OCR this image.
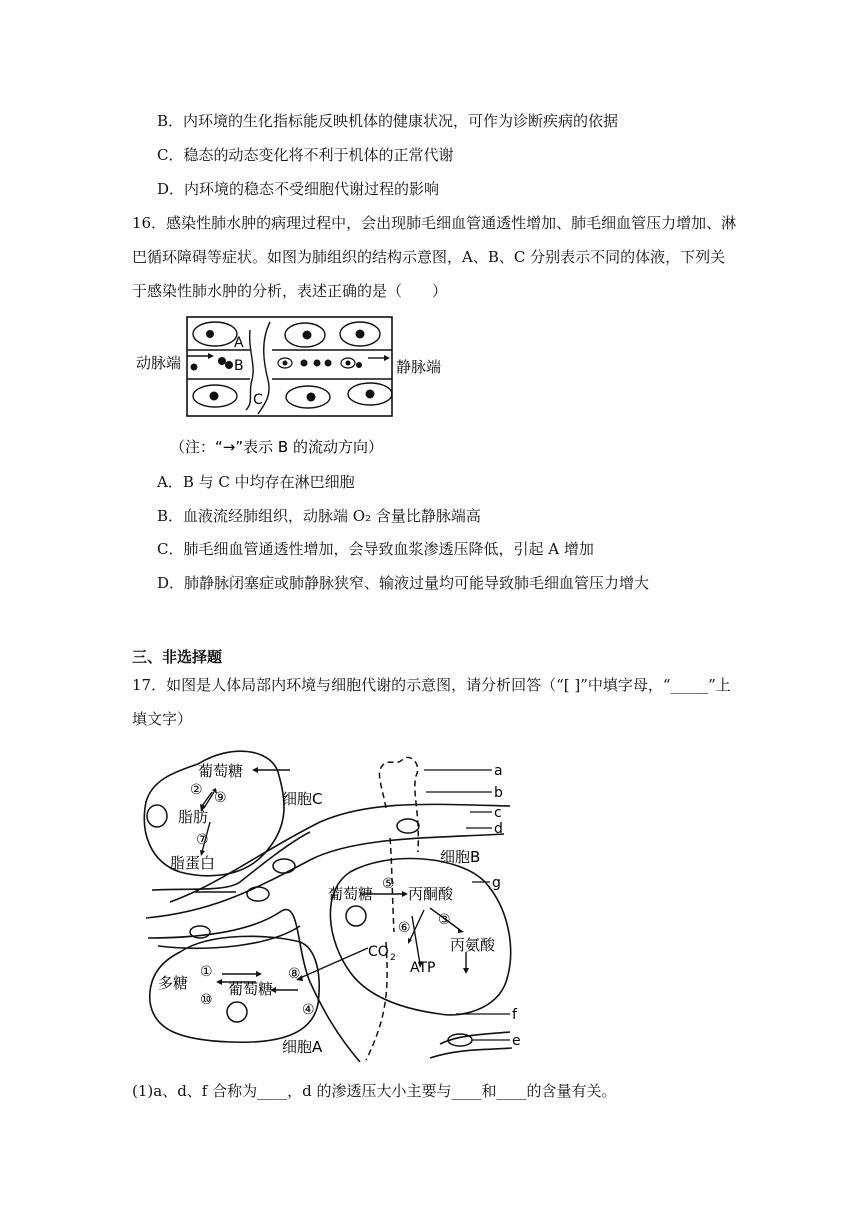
B．内环境的生化指标能反映机体的健康状况，可作为诊断疾病的依据
C．稳态的动态变化将不利于机体的正常代谢
D．内环境的稳态不受细胞代谢过程的影响
16．感染性肺水肿的病理过程中，会出现肺毛细血管通透性增加、肺毛细血管压力增加、淋
巴循环障碍等症状。如图为肺组织的结构示意图，A、B、C 分别表示不同的体液，下列关
于感染性肺水肿的分析，表述正确的是（　　）
A
B
C
动脉端	静脉端
（注：“→”表示 B 的流动方向）
A．B 与 C 中均存在淋巴细胞
B．血液流经肺组织，动脉端 O₂ 含量比静脉端高
C．肺毛细血管通透性增加，会导致血浆渗透压降低，引起 A 增加
D．肺静脉闭塞症或肺静脉狭窄、输液过量均可能导致肺毛细血管压力增大
三、非选择题
17．如图是人体局部内环境与细胞代谢的示意图，请分析回答（“[ ]”中填字母，“_____”上
填文字）
葡萄糖
脂肪
脂蛋白
细胞C
细胞B
细胞A
葡萄糖 丙酮酸
丙氨酸
CO 2
ATP
多糖	葡萄糖
② ⑨
⑦
⑤
③
⑥
①
⑩
⑧
④
a
b
c
d
g
f
e
(1)a、d、f 合称为____，d 的渗透压大小主要与____和____的含量有关。
